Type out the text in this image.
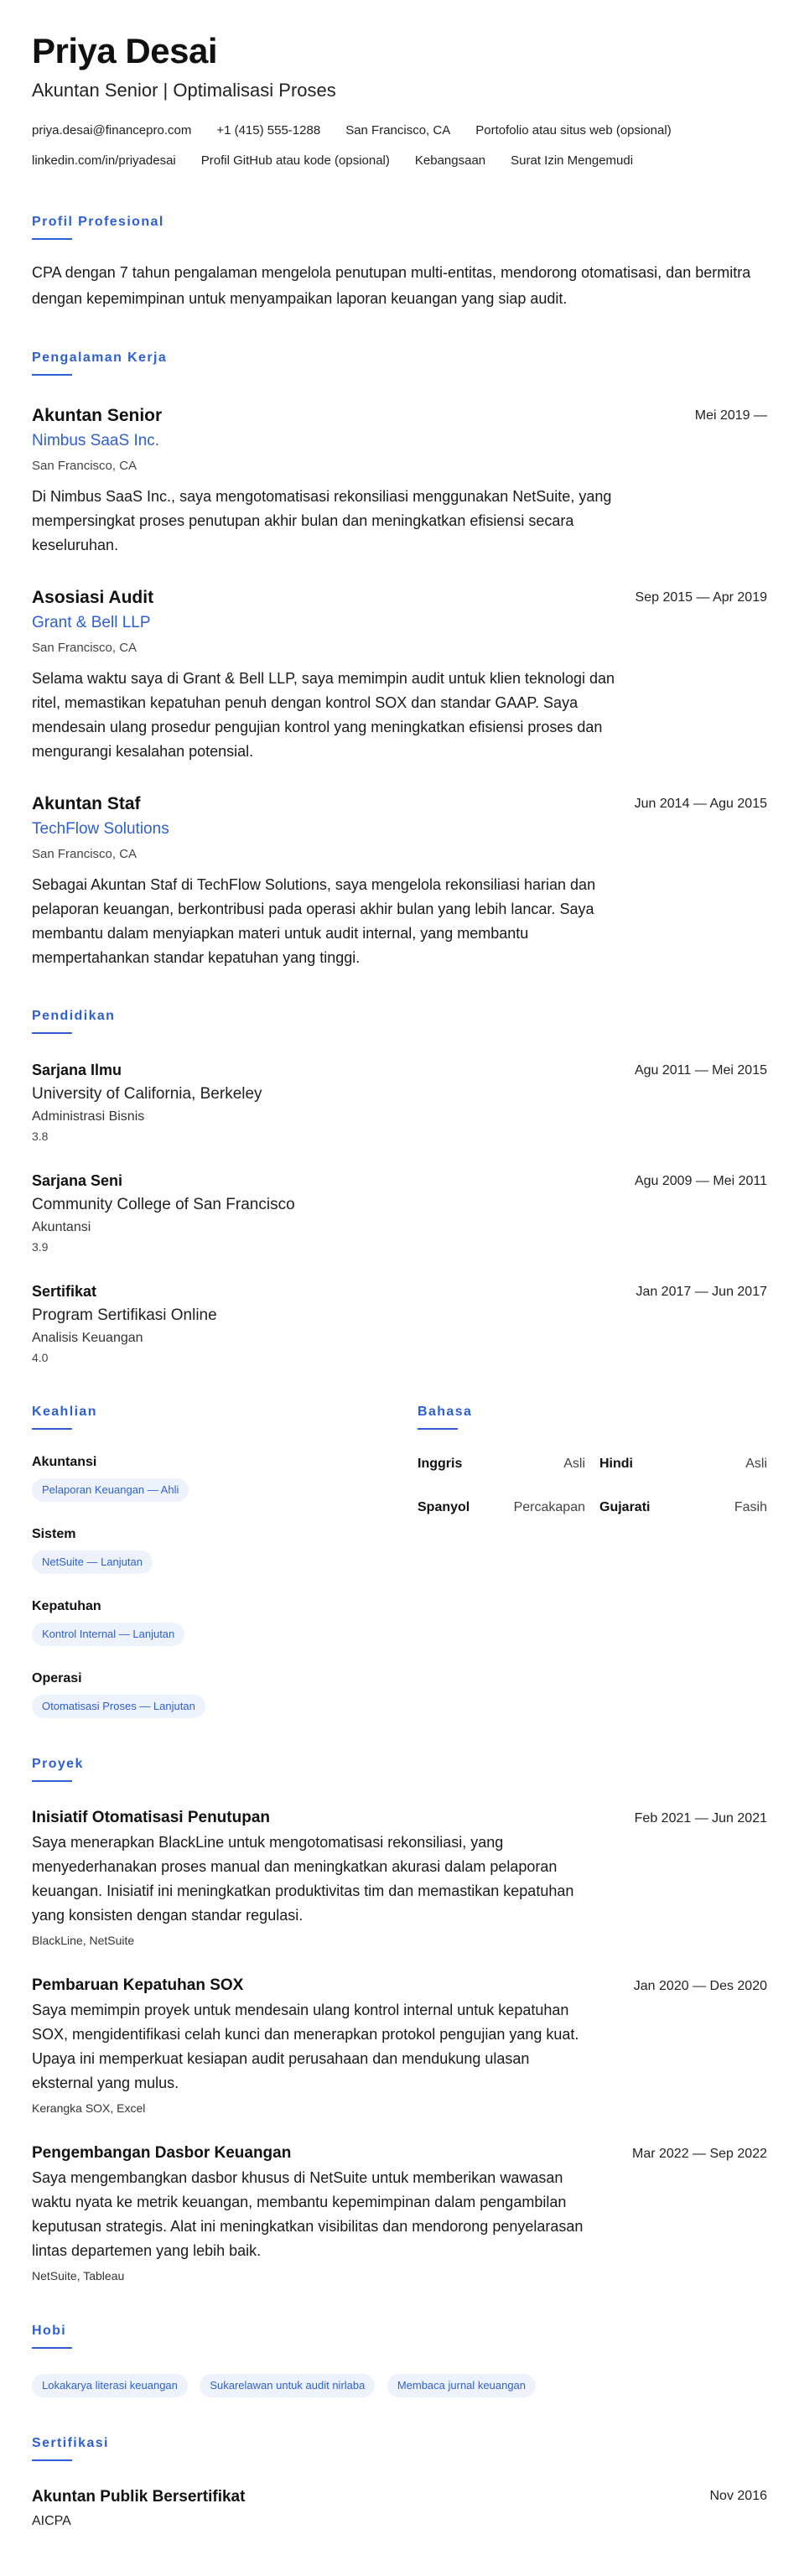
Priya Desai
Akuntan Senior | Optimalisasi Proses
priya.desai@financepro.com +1 (415) 555-1288 San Francisco, CA Portofolio atau situs web (opsional)
linkedin.com/in/priyadesai Profil GitHub atau kode (opsional) Kebangsaan Surat Izin Mengemudi
Profil Profesional
CPA dengan 7 tahun pengalaman mengelola penutupan multi-entitas, mendorong otomatisasi, dan bermitra dengan kepemimpinan untuk menyampaikan laporan keuangan yang siap audit.
Pengalaman Kerja
Akuntan Senior	Mei 2019 —
Nimbus SaaS Inc.
San Francisco, CA
Di Nimbus SaaS Inc., saya mengotomatisasi rekonsiliasi menggunakan NetSuite, yang mempersingkat proses penutupan akhir bulan dan meningkatkan efisiensi secara keseluruhan.
Asosiasi Audit	Sep 2015 — Apr 2019
Grant & Bell LLP
San Francisco, CA
Selama waktu saya di Grant & Bell LLP, saya memimpin audit untuk klien teknologi dan ritel, memastikan kepatuhan penuh dengan kontrol SOX dan standar GAAP. Saya mendesain ulang prosedur pengujian kontrol yang meningkatkan efisiensi proses dan mengurangi kesalahan potensial.
Akuntan Staf	Jun 2014 — Agu 2015
TechFlow Solutions
San Francisco, CA
Sebagai Akuntan Staf di TechFlow Solutions, saya mengelola rekonsiliasi harian dan pelaporan keuangan, berkontribusi pada operasi akhir bulan yang lebih lancar. Saya membantu dalam menyiapkan materi untuk audit internal, yang membantu mempertahankan standar kepatuhan yang tinggi.
Pendidikan
Sarjana Ilmu	Agu 2011 — Mei 2015
University of California, Berkeley
Administrasi Bisnis
3.8
Sarjana Seni	Agu 2009 — Mei 2011
Community College of San Francisco
Akuntansi
3.9
Sertifikat	Jan 2017 — Jun 2017
Program Sertifikasi Online
Analisis Keuangan
4.0
Keahlian
Akuntansi
Pelaporan Keuangan — Ahli
Sistem
NetSuite — Lanjutan
Kepatuhan
Kontrol Internal — Lanjutan
Operasi
Otomatisasi Proses — Lanjutan
Bahasa
Inggris	Asli Hindi	Asli
Spanyol	Percakapan Gujarati	Fasih
Proyek
Inisiatif Otomatisasi Penutupan	Feb 2021 — Jun 2021
Saya menerapkan BlackLine untuk mengotomatisasi rekonsiliasi, yang menyederhanakan proses manual dan meningkatkan akurasi dalam pelaporan keuangan. Inisiatif ini meningkatkan produktivitas tim dan memastikan kepatuhan yang konsisten dengan standar regulasi.
BlackLine, NetSuite
Pembaruan Kepatuhan SOX	Jan 2020 — Des 2020
Saya memimpin proyek untuk mendesain ulang kontrol internal untuk kepatuhan SOX, mengidentifikasi celah kunci dan menerapkan protokol pengujian yang kuat. Upaya ini memperkuat kesiapan audit perusahaan dan mendukung ulasan eksternal yang mulus.
Kerangka SOX, Excel
Pengembangan Dasbor Keuangan	Mar 2022 — Sep 2022
Saya mengembangkan dasbor khusus di NetSuite untuk memberikan wawasan waktu nyata ke metrik keuangan, membantu kepemimpinan dalam pengambilan keputusan strategis. Alat ini meningkatkan visibilitas dan mendorong penyelarasan lintas departemen yang lebih baik.
NetSuite, Tableau
Hobi
Lokakarya literasi keuangan	Sukarelawan untuk audit nirlaba	Membaca jurnal keuangan
Sertifikasi
Akuntan Publik Bersertifikat	Nov 2016
AICPA
